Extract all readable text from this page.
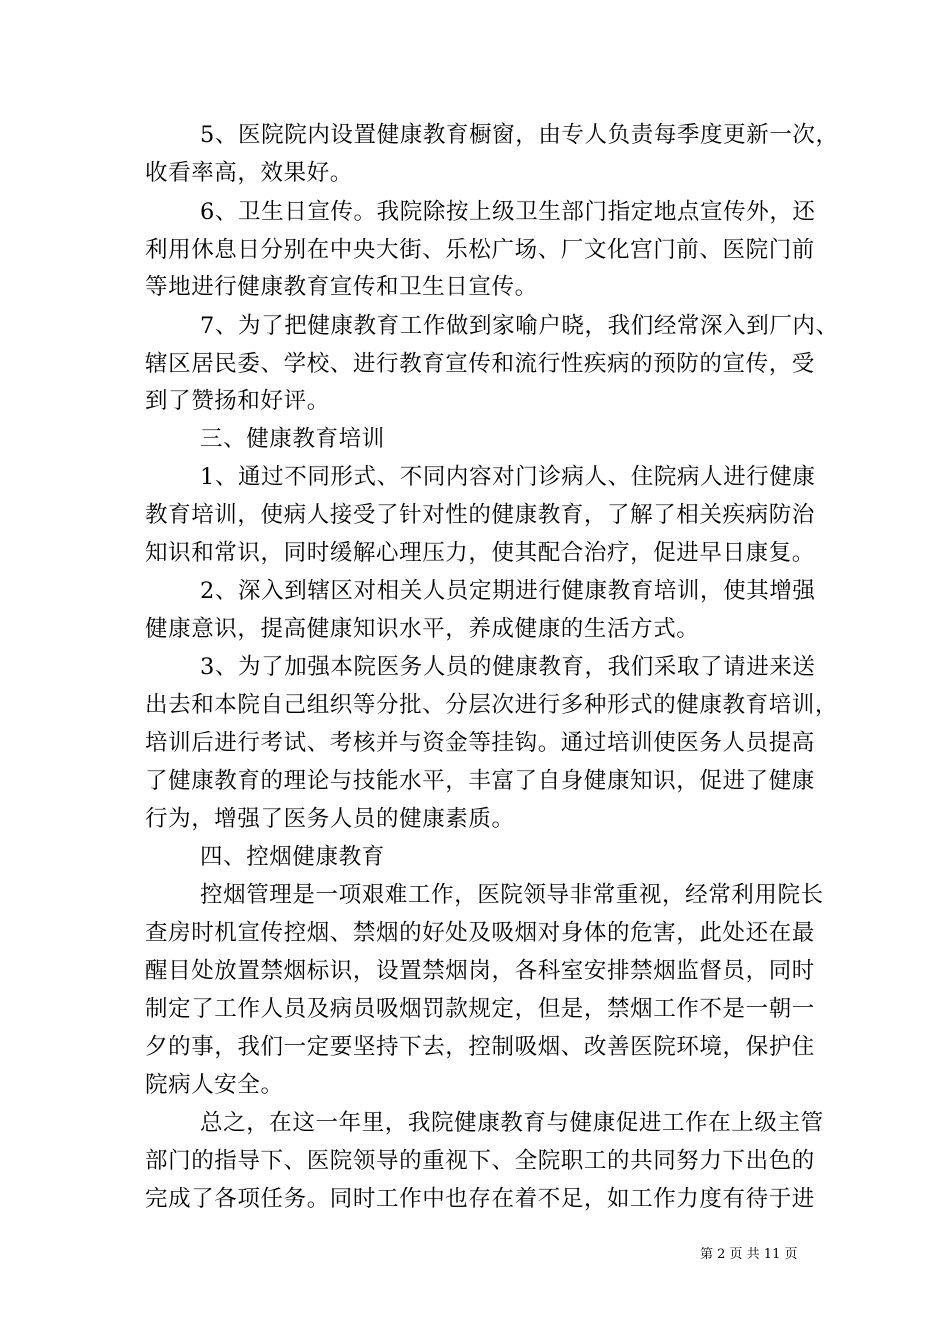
5、医院院内设置健康教育橱窗，由专人负责每季度更新一次，
收看率高，效果好。
6、卫生日宣传。我院除按上级卫生部门指定地点宣传外，还
利用休息日分别在中央大街、乐松广场、厂文化宫门前、医院门前
等地进行健康教育宣传和卫生日宣传。
7、为了把健康教育工作做到家喻户晓，我们经常深入到厂内、
辖区居民委、学校、进行教育宣传和流行性疾病的预防的宣传，受
到了赞扬和好评。
三、健康教育培训
1、通过不同形式、不同内容对门诊病人、住院病人进行健康
教育培训，使病人接受了针对性的健康教育，了解了相关疾病防治
知识和常识，同时缓解心理压力，使其配合治疗，促进早日康复。
2、深入到辖区对相关人员定期进行健康教育培训，使其增强
健康意识，提高健康知识水平，养成健康的生活方式。
3、为了加强本院医务人员的健康教育，我们采取了请进来送
出去和本院自己组织等分批、分层次进行多种形式的健康教育培训，
培训后进行考试、考核并与资金等挂钩。通过培训使医务人员提高
了健康教育的理论与技能水平，丰富了自身健康知识，促进了健康
行为，增强了医务人员的健康素质。
四、控烟健康教育
控烟管理是一项艰难工作，医院领导非常重视，经常利用院长
查房时机宣传控烟、禁烟的好处及吸烟对身体的危害，此处还在最
醒目处放置禁烟标识，设置禁烟岗，各科室安排禁烟监督员，同时
制定了工作人员及病员吸烟罚款规定，但是，禁烟工作不是一朝一
夕的事，我们一定要坚持下去，控制吸烟、改善医院环境，保护住
院病人安全。
总之，在这一年里，我院健康教育与健康促进工作在上级主管
部门的指导下、医院领导的重视下、全院职工的共同努力下出色的
完成了各项任务。同时工作中也存在着不足，如工作力度有待于进
第 2 页 共 11 页
